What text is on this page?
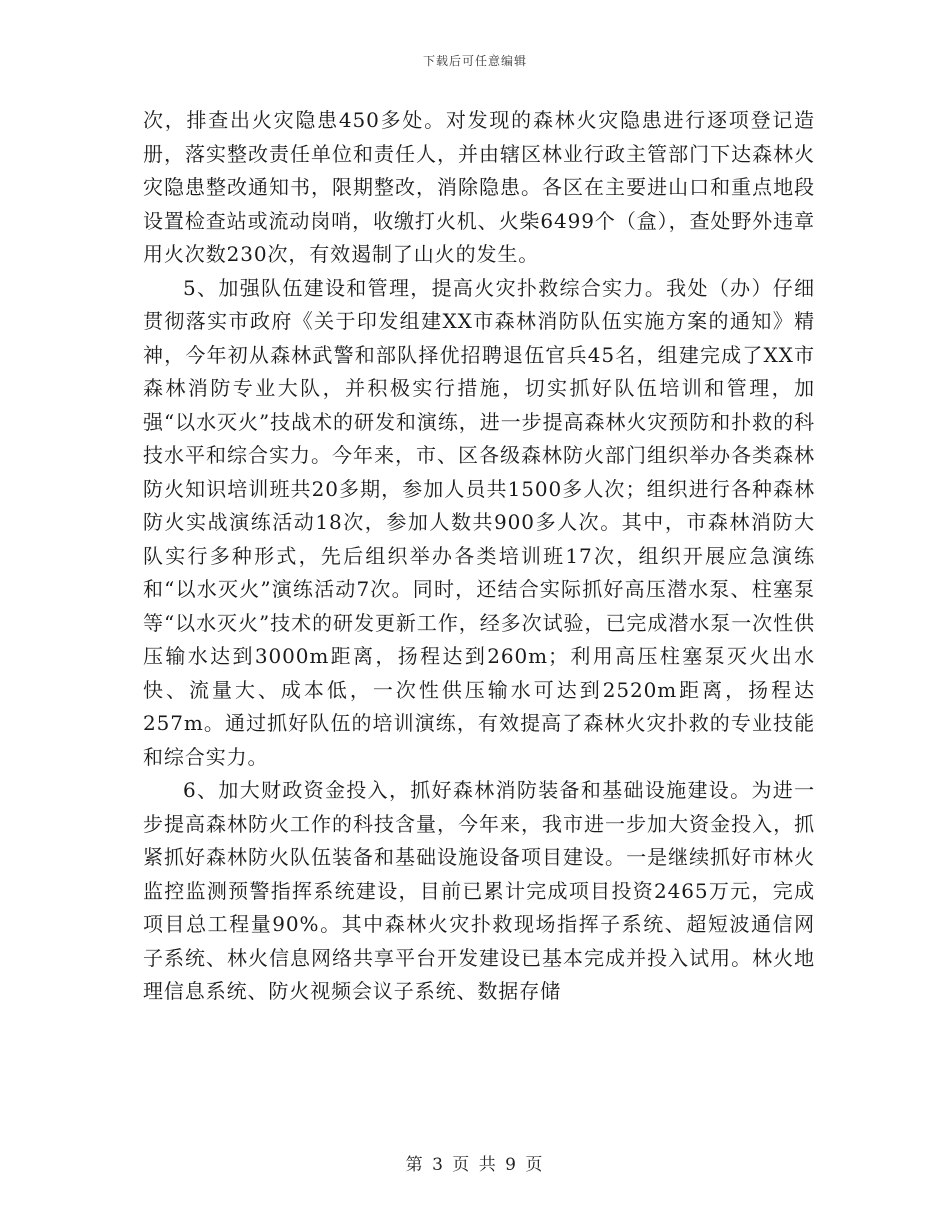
下载后可任意编辑

次，排查出火灾隐患450多处。对发现的森林火灾隐患进行逐项登记造册，落实整改责任单位和责任人，并由辖区林业行政主管部门下达森林火灾隐患整改通知书，限期整改，消除隐患。各区在主要进山口和重点地段设置检查站或流动岗哨，收缴打火机、火柴6499个（盒），查处野外违章用火次数230次，有效遏制了山火的发生。

5、加强队伍建设和管理，提高火灾扑救综合实力。我处（办）仔细贯彻落实市政府《关于印发组建XX市森林消防队伍实施方案的通知》精神，今年初从森林武警和部队择优招聘退伍官兵45名，组建完成了XX市森林消防专业大队，并积极实行措施，切实抓好队伍培训和管理，加强“以水灭火”技战术的研发和演练，进一步提高森林火灾预防和扑救的科技水平和综合实力。今年来，市、区各级森林防火部门组织举办各类森林防火知识培训班共20多期，参加人员共1500多人次；组织进行各种森林防火实战演练活动18次，参加人数共900多人次。其中，市森林消防大队实行多种形式，先后组织举办各类培训班17次，组织开展应急演练和“以水灭火”演练活动7次。同时，还结合实际抓好高压潜水泵、柱塞泵等“以水灭火”技术的研发更新工作，经多次试验，已完成潜水泵一次性供压输水达到3000m距离，扬程达到260m；利用高压柱塞泵灭火出水快、流量大、成本低，一次性供压输水可达到2520m距离，扬程达257m。通过抓好队伍的培训演练，有效提高了森林火灾扑救的专业技能和综合实力。

6、加大财政资金投入，抓好森林消防装备和基础设施建设。为进一步提高森林防火工作的科技含量，今年来，我市进一步加大资金投入，抓紧抓好森林防火队伍装备和基础设施设备项目建设。一是继续抓好市林火监控监测预警指挥系统建设，目前已累计完成项目投资2465万元，完成项目总工程量90%。其中森林火灾扑救现场指挥子系统、超短波通信网子系统、林火信息网络共享平台开发建设已基本完成并投入试用。林火地理信息系统、防火视频会议子系统、数据存储

第 3 页 共 9 页
